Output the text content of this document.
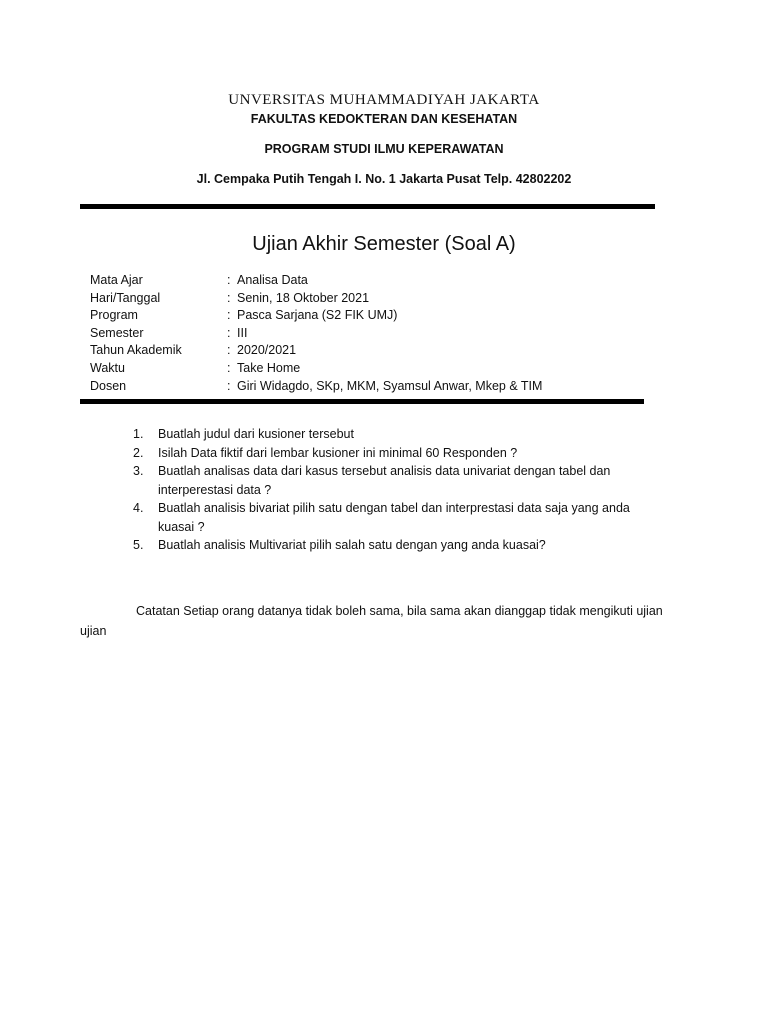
UNVERSITAS MUHAMMADIYAH JAKARTA
FAKULTAS KEDOKTERAN DAN KESEHATAN
PROGRAM STUDI ILMU KEPERAWATAN
Jl. Cempaka Putih Tengah I. No. 1 Jakarta Pusat Telp. 42802202
Ujian Akhir Semester (Soal A)
Mata Ajar	: Analisa Data
Hari/Tanggal	: Senin, 18 Oktober 2021
Program	: Pasca Sarjana (S2 FIK UMJ)
Semester	: III
Tahun Akademik	: 2020/2021
Waktu	: Take Home
Dosen	: Giri Widagdo, SKp, MKM, Syamsul Anwar, Mkep & TIM
1. Buatlah judul dari kusioner tersebut
2. Isilah Data fiktif dari lembar kusioner ini minimal 60 Responden ?
3. Buatlah analisas data dari kasus tersebut analisis data univariat dengan tabel dan interperestasi data ?
4. Buatlah analisis bivariat pilih satu dengan tabel dan interprestasi data saja yang anda kuasai ?
5. Buatlah analisis Multivariat pilih salah satu dengan yang anda kuasai?
Catatan Setiap orang datanya tidak boleh sama, bila sama akan dianggap tidak mengikuti ujian
ujian
